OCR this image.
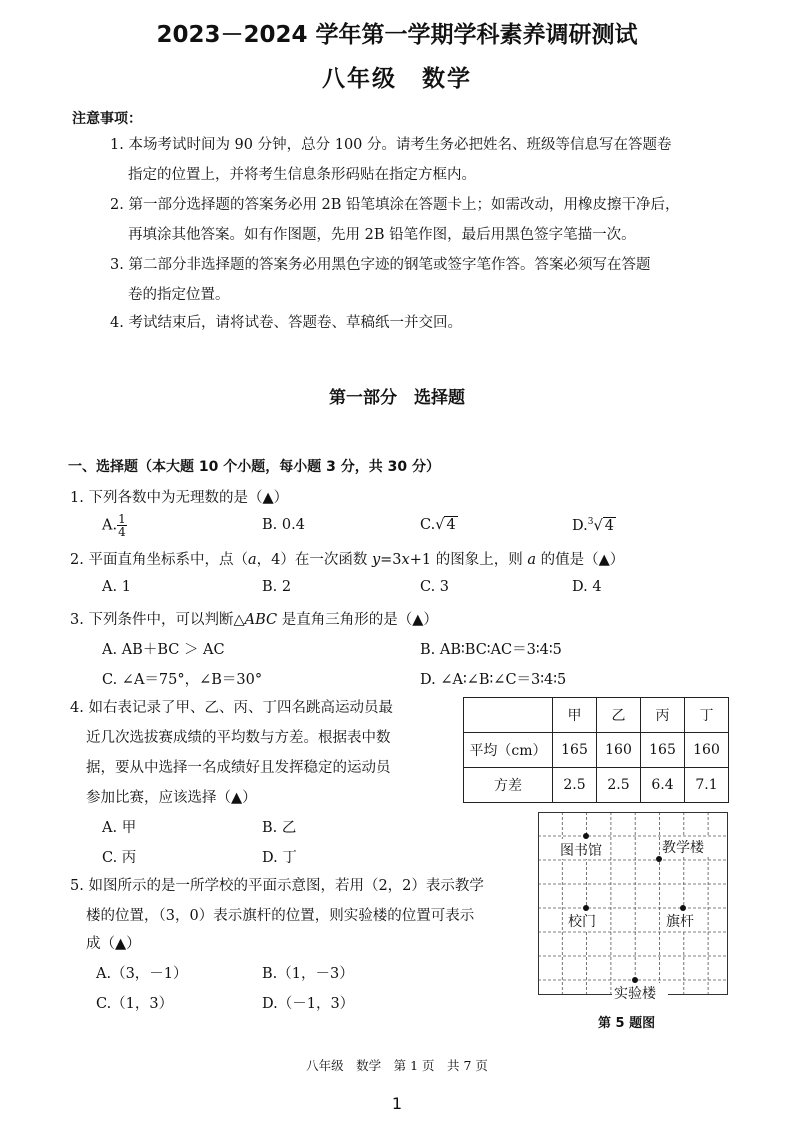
2023－2024 学年第一学期学科素养调研测试
八年级　数学
注意事项：
1. 本场考试时间为 90 分钟，总分 100 分。请考生务必把姓名、班级等信息写在答题卷
指定的位置上，并将考生信息条形码贴在指定方框内。
2. 第一部分选择题的答案务必用 2B 铅笔填涂在答题卡上；如需改动，用橡皮擦干净后，
再填涂其他答案。如有作图题，先用 2B 铅笔作图，最后用黑色签字笔描一次。
3. 第二部分非选择题的答案务必用黑色字迹的钢笔或签字笔作答。答案必须写在答题
卷的指定位置。
4. 考试结束后，请将试卷、答题卷、草稿纸一并交回。
第一部分　选择题
一、选择题（本大题 10 个小题，每小题 3 分，共 30 分）
1. 下列各数中为无理数的是（▲）
A. $\frac{1}{4}$	B. 0.4	C.√ 4	D.$^3$√ 4
2. 平面直角坐标系中，点（a，4）在一次函数 y=3x+1 的图象上，则 a 的值是（▲）
A. 1	B. 2	C. 3	D. 4
3. 下列条件中，可以判断△ABC 是直角三角形的是（▲）
A. AB＋BC ＞ AC	B. AB∶BC∶AC＝3∶4∶5
C. ∠A＝75°，∠B＝30°	D. ∠A∶∠B∶∠C＝3∶4∶5
4. 如右表记录了甲、乙、丙、丁四名跳高运动员最
近几次选拔赛成绩的平均数与方差。根据表中数
据，要从中选择一名成绩好且发挥稳定的运动员
参加比赛，应该选择（▲）
A. 甲	B. 乙
C. 丙	D. 丁
	甲	乙	丙	丁
平均（cm）	165	160	165	160
方差	2.5	2.5	6.4	7.1
5. 如图所示的是一所学校的平面示意图，若用（2，2）表示教学
楼的位置，（3，0）表示旗杆的位置，则实验楼的位置可表示
成（▲）
A.（3，－1）	B.（1，－3）
C.（1，3）	D.（－1，3）
图书馆	教学楼
校门	旗杆
实验楼
第 5 题图
八年级　数学　第 1 页　共 7 页
1
